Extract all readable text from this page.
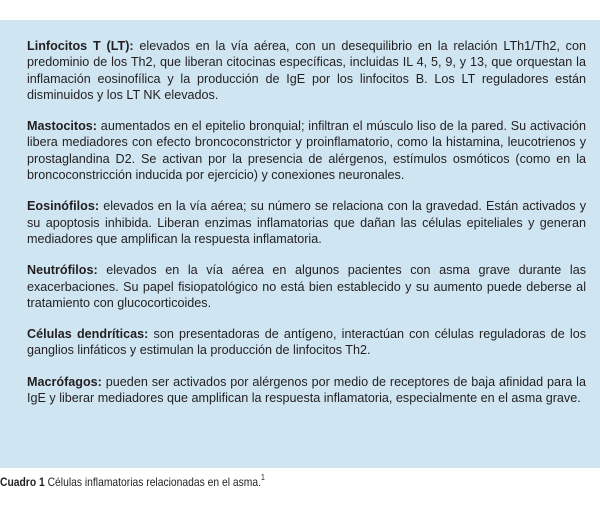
Linfocitos T (LT): elevados en la vía aérea, con un desequilibrio en la relación LTh1/Th2, con predominio de los Th2, que liberan citocinas específicas, incluidas IL 4, 5, 9, y 13, que orquestan la inflamación eosinofílica y la producción de IgE por los linfocitos B. Los LT reguladores están disminuidos y los LT NK elevados.

Mastocitos: aumentados en el epitelio bronquial; infiltran el músculo liso de la pared. Su activación libera mediadores con efecto broncoconstrictor y proinflamatorio, como la histamina, leucotrienos y prostaglandina D2. Se activan por la presencia de alérgenos, estímulos osmóticos (como en la broncoconstricción inducida por ejercicio) y conexiones neuronales.

Eosinófilos: elevados en la vía aérea; su número se relaciona con la gravedad. Están activados y su apoptosis inhibida. Liberan enzimas inflamatorias que dañan las células epiteliales y generan mediadores que amplifican la respuesta inflamatoria.

Neutrófilos: elevados en la vía aérea en algunos pacientes con asma grave durante las exacerbaciones. Su papel fisiopatológico no está bien establecido y su aumento puede deberse al tratamiento con glucocorticoides.

Células dendríticas: son presentadoras de antígeno, interactúan con células reguladoras de los ganglios linfáticos y estimulan la producción de linfocitos Th2.

Macrófagos: pueden ser activados por alérgenos por medio de receptores de baja afinidad para la IgE y liberar mediadores que amplifican la respuesta inflamatoria, especialmente en el asma grave.

Cuadro 1 Células inflamatorias relacionadas en el asma.$^1$
